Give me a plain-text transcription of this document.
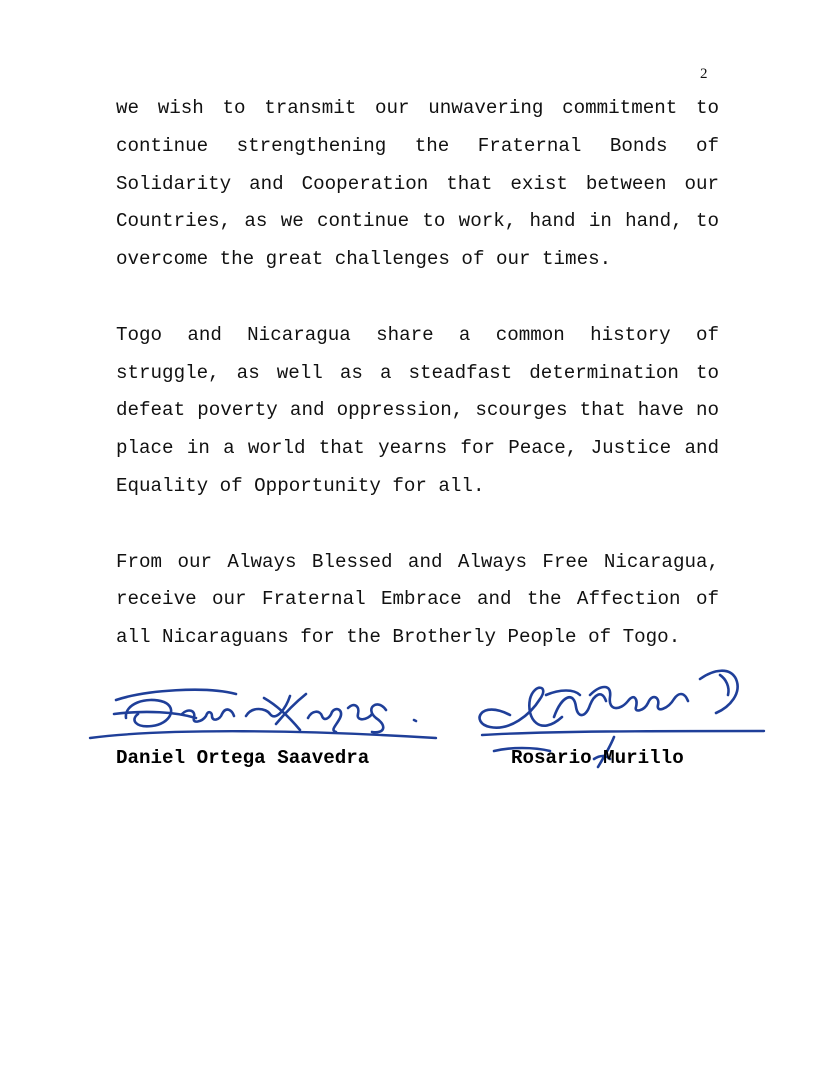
2

we wish to transmit our unwavering commitment to continue strengthening the Fraternal Bonds of Solidarity and Cooperation that exist between our Countries, as we continue to work, hand in hand, to overcome the great challenges of our times.

Togo and Nicaragua share a common history of struggle, as well as a steadfast determination to defeat poverty and oppression, scourges that have no place in a world that yearns for Peace, Justice and Equality of Opportunity for all.

From our Always Blessed and Always Free Nicaragua, receive our Fraternal Embrace and the Affection of all Nicaraguans for the Brotherly People of Togo.

Daniel Ortega Saavedra	Rosario Murillo
